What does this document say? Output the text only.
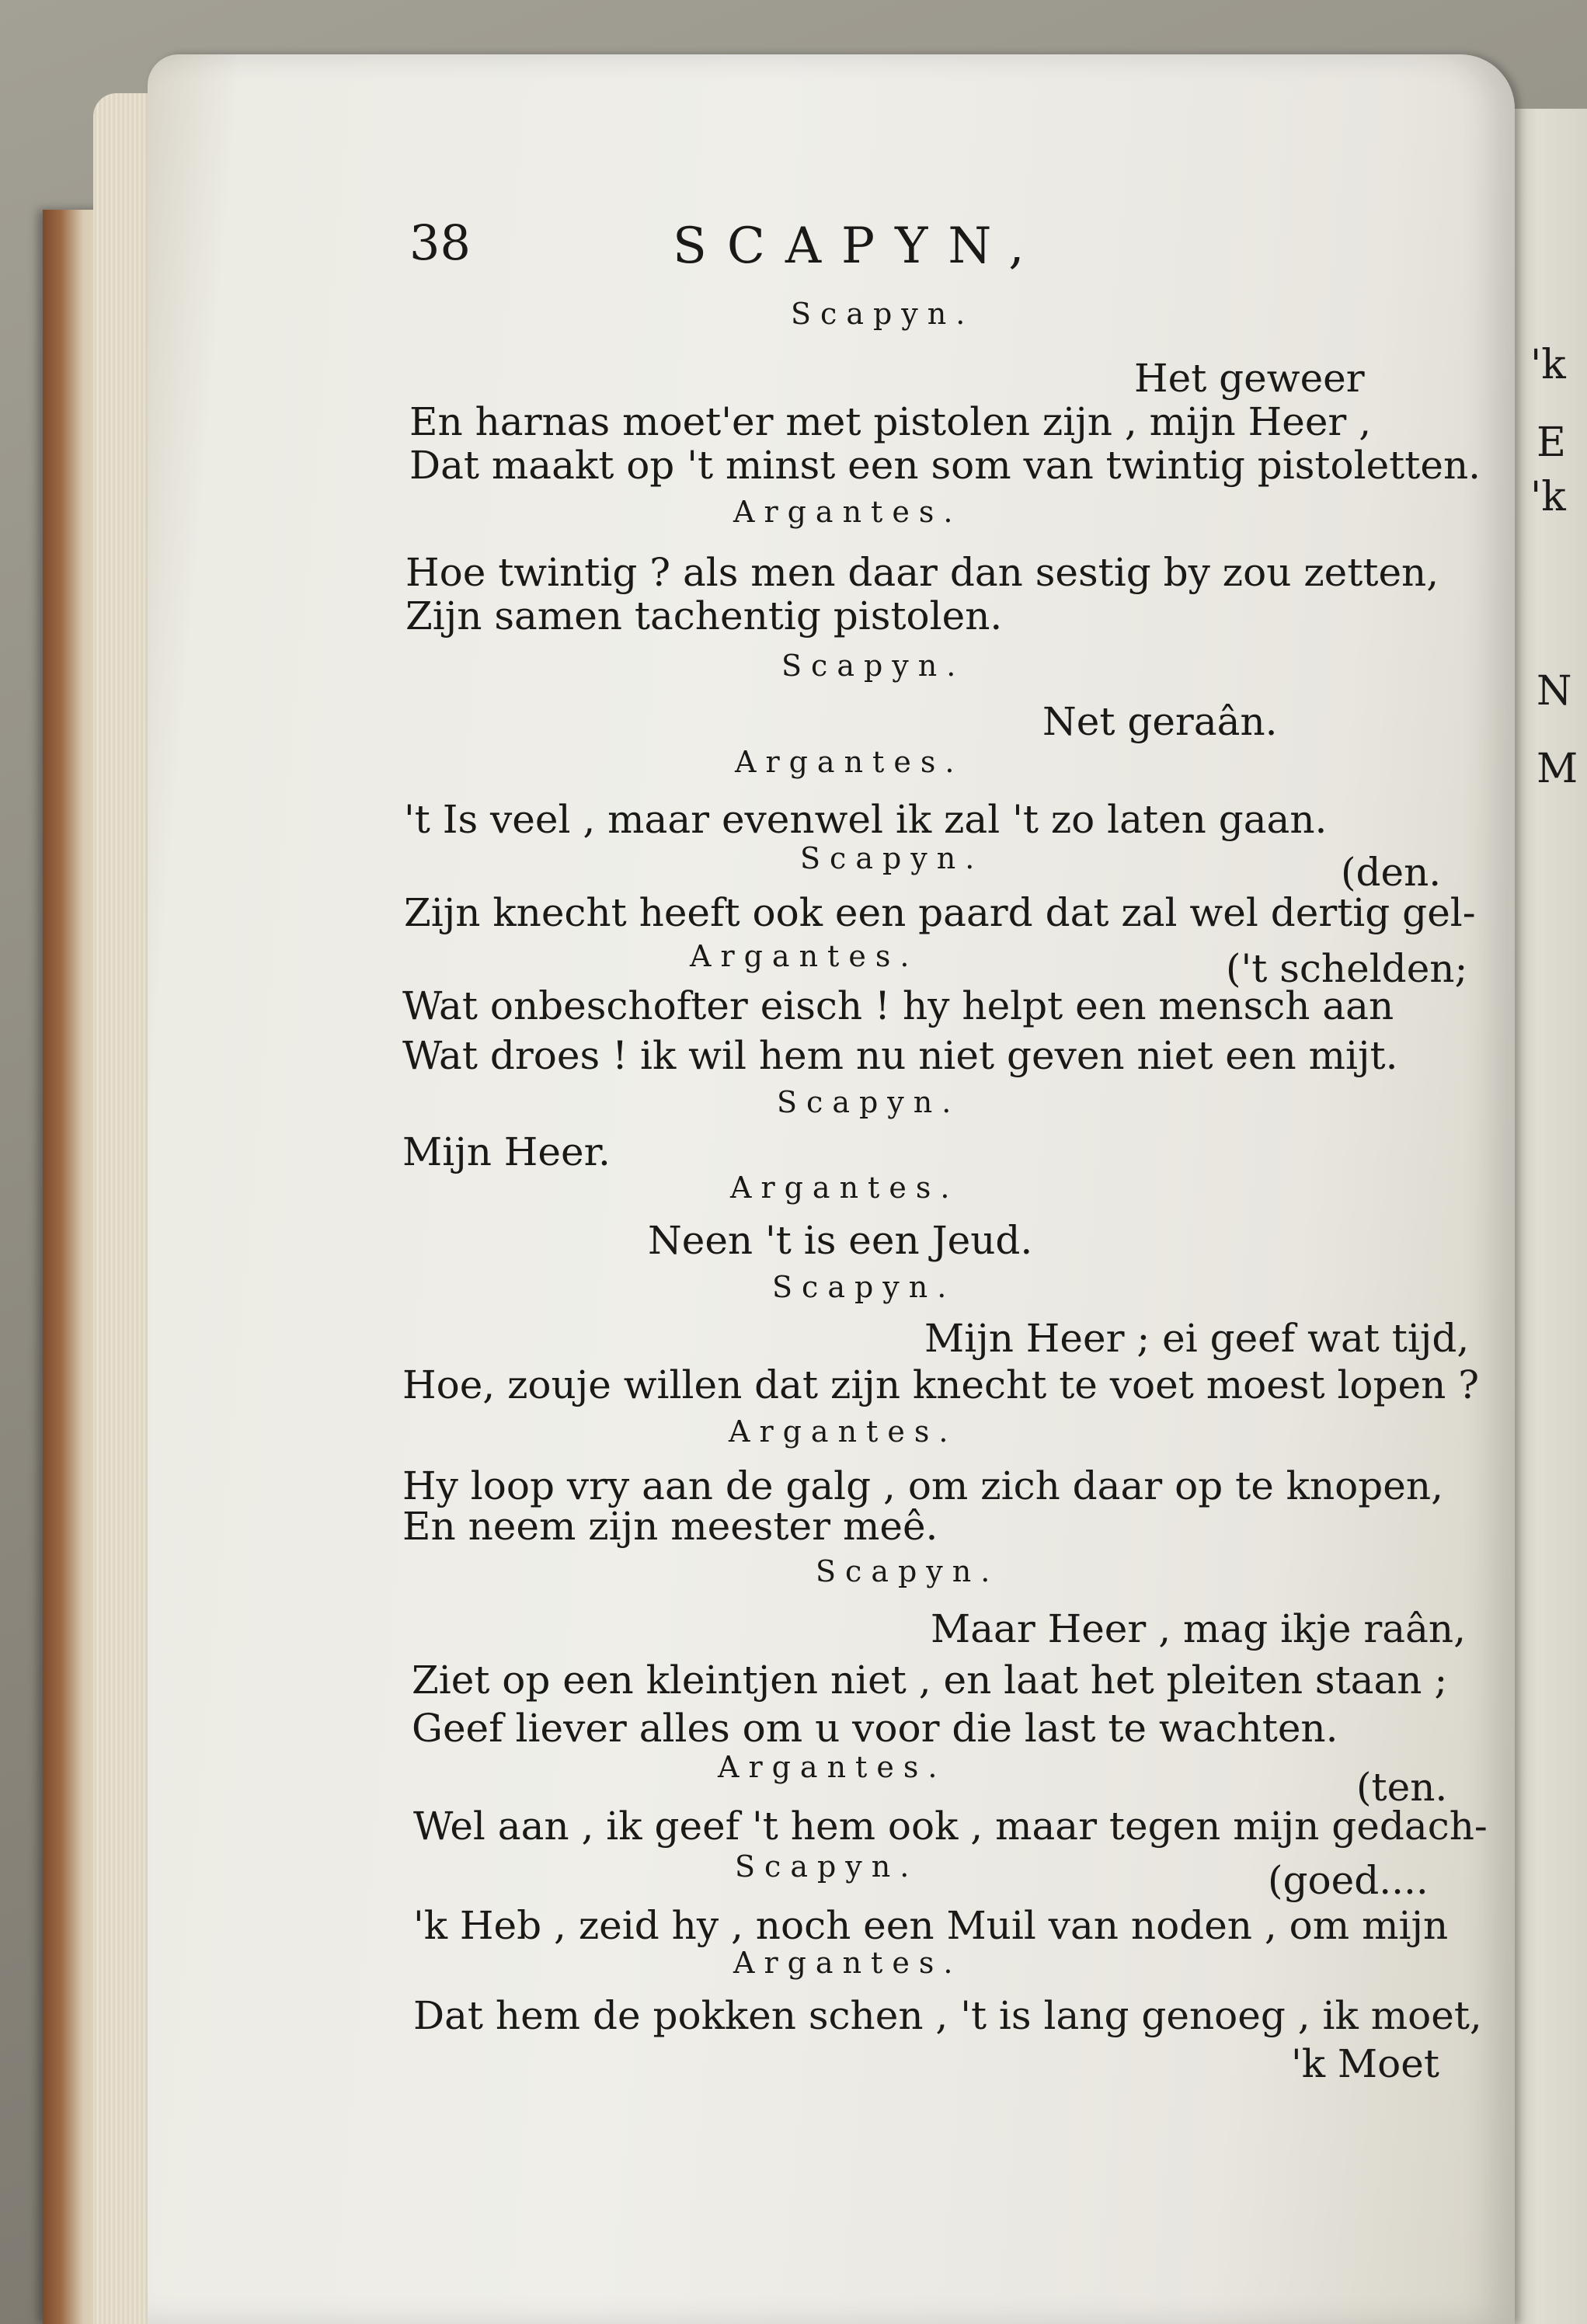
'k
E
'k
N
M
38	SCAPYN,
Scapyn.
Het geweer
En harnas moet'er met pistolen zijn , mijn Heer ,
Dat maakt op 't minst een som van twintig pistoletten.
Argantes.
Hoe twintig ? als men daar dan sestig by zou zetten,
Zijn samen tachentig pistolen.
Scapyn.
Net geraân.
Argantes.
't Is veel , maar evenwel ik zal 't zo laten gaan.
Scapyn.	(den.
Zijn knecht heeft ook een paard dat zal wel dertig gel-
Argantes.	('t schelden;
Wat onbeschofter eisch ! hy helpt een mensch aan
Wat droes ! ik wil hem nu niet geven niet een mijt.
Scapyn.
Mijn Heer.
Argantes.
Neen 't is een Jeud.
Scapyn.
Mijn Heer ; ei geef wat tijd,
Hoe, zouje willen dat zijn knecht te voet moest lopen ?
Argantes.
Hy loop vry aan de galg , om zich daar op te knopen,
En neem zijn meester meê.
Scapyn.
Maar Heer , mag ikje raân,
Ziet op een kleintjen niet , en laat het pleiten staan ;
Geef liever alles om u voor die last te wachten.
Argantes.	(ten.
Wel aan , ik geef 't hem ook , maar tegen mijn gedach-
Scapyn.	(goed....
'k Heb , zeid hy , noch een Muil van noden , om mijn
Argantes.
Dat hem de pokken schen , 't is lang genoeg , ik moet,
'k Moet
